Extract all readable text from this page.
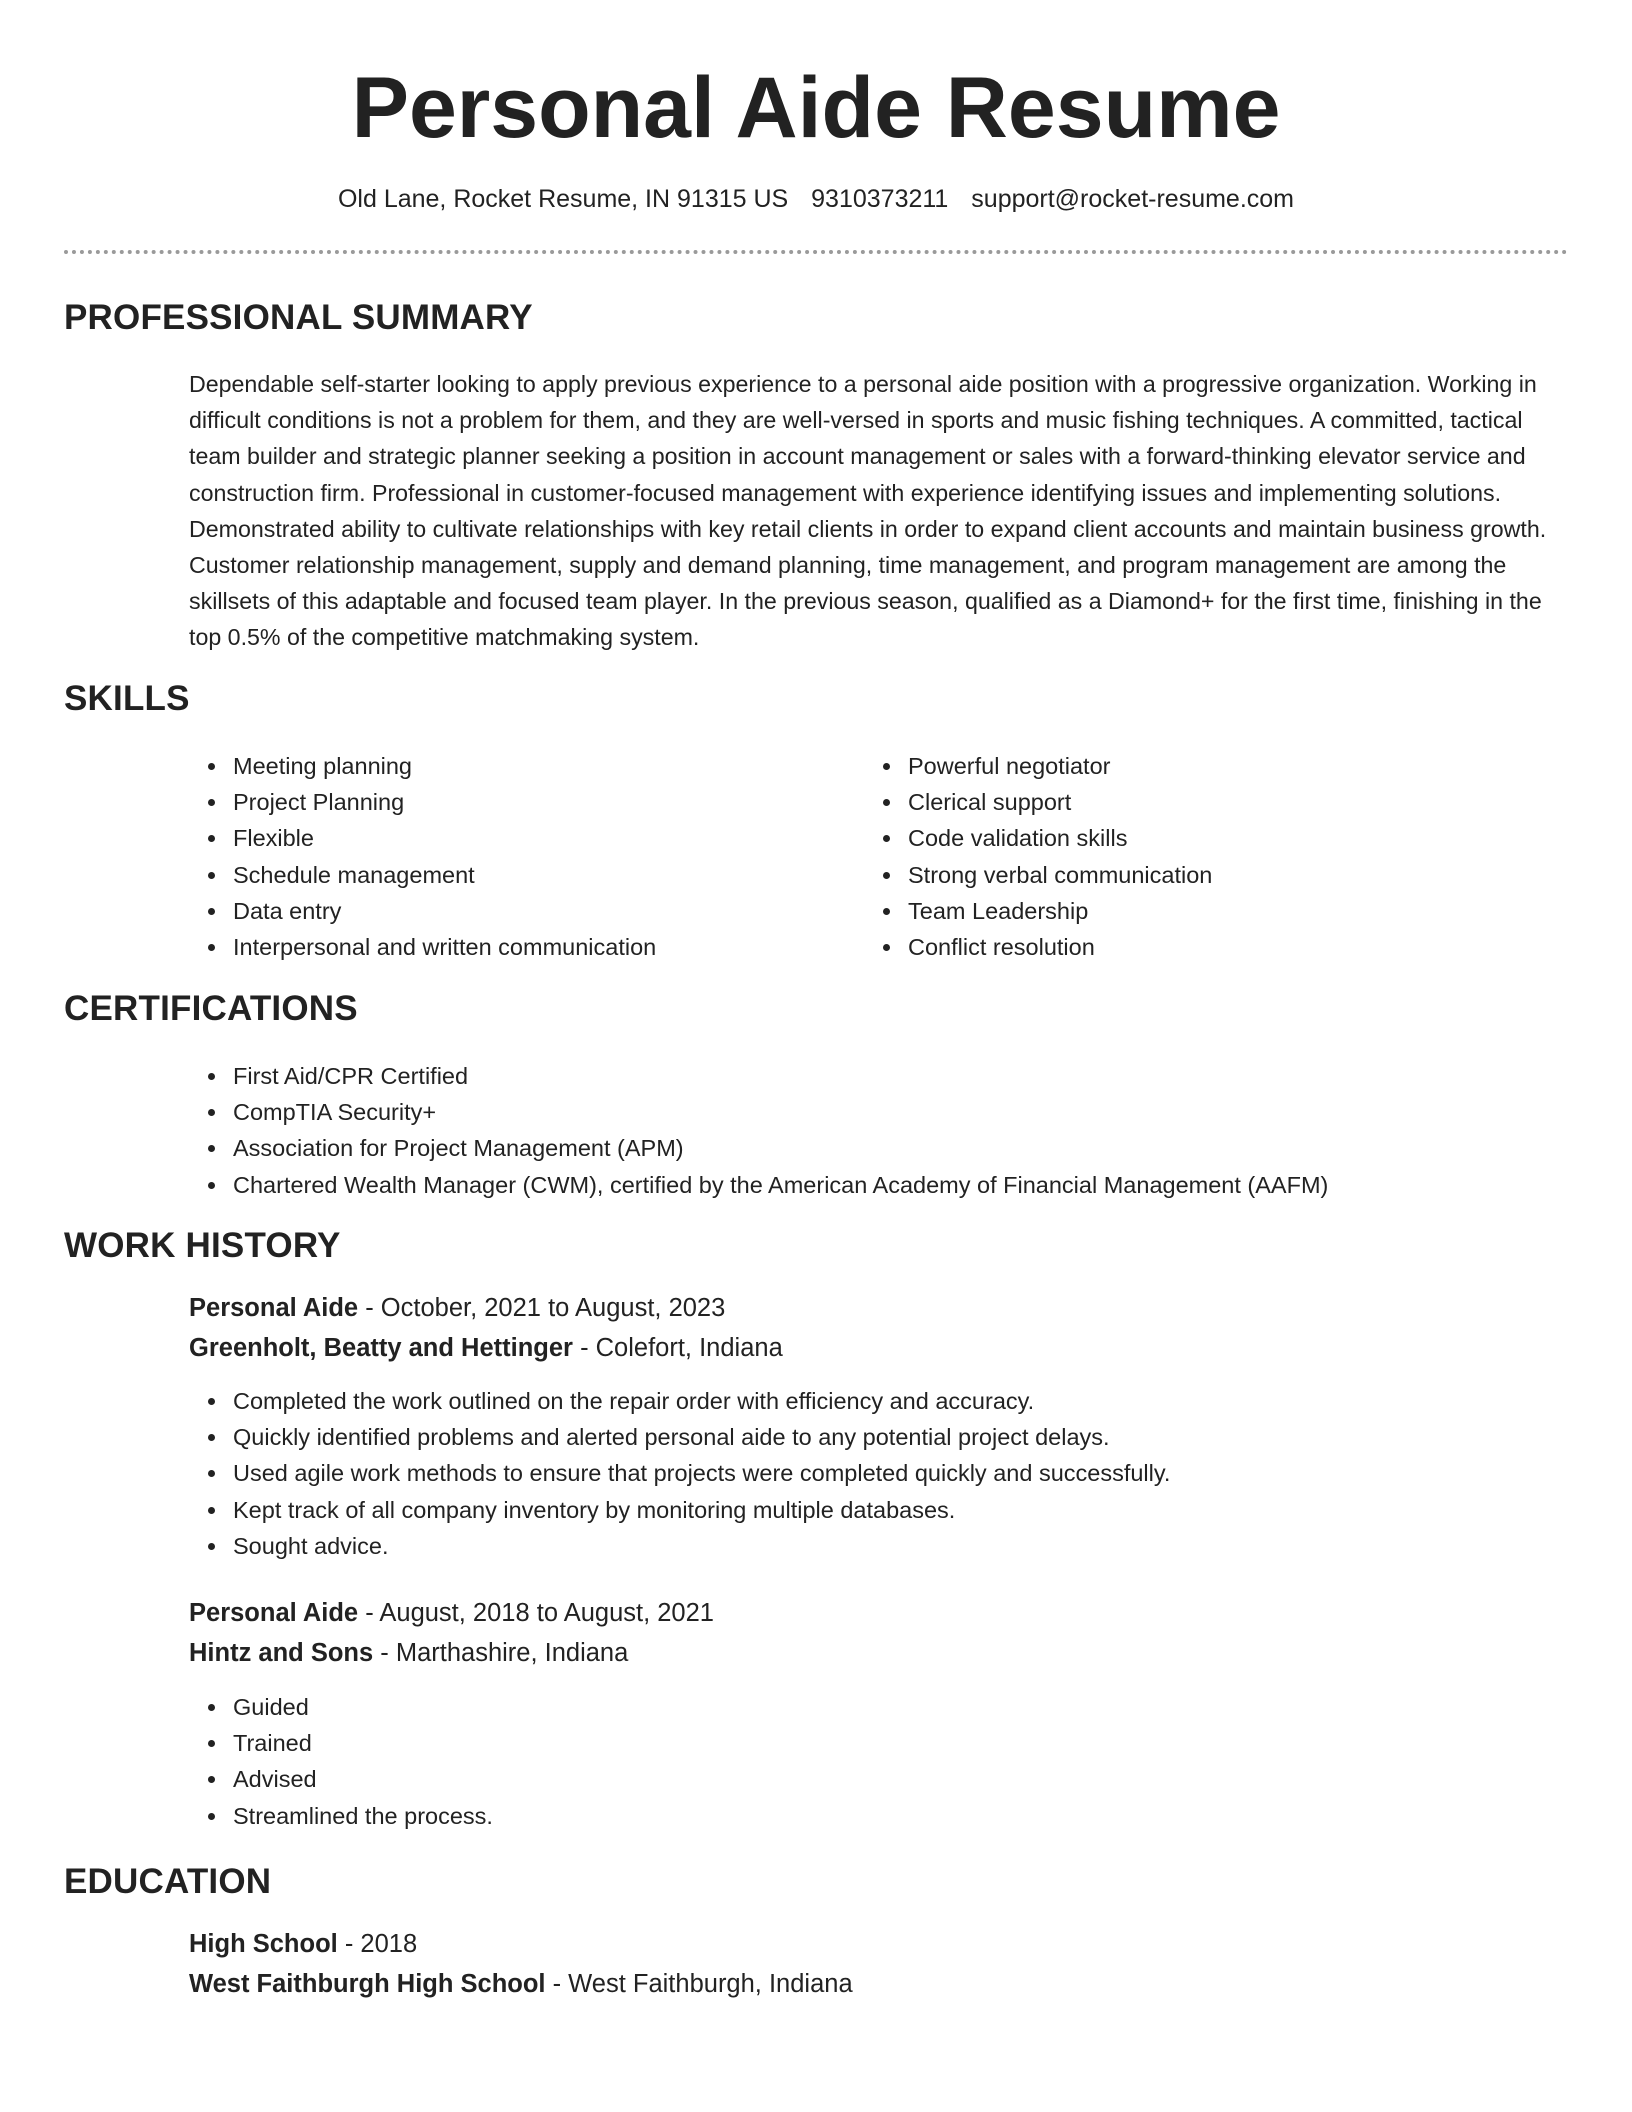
Personal Aide Resume
Old Lane, Rocket Resume, IN 91315 US 9310373211 support@rocket-resume.com
PROFESSIONAL SUMMARY

Dependable self-starter looking to apply previous experience to a personal aide position with a progressive organization. Working in difficult conditions is not a problem for them, and they are well-versed in sports and music fishing techniques. A committed, tactical team builder and strategic planner seeking a position in account management or sales with a forward-thinking elevator service and construction firm. Professional in customer-focused management with experience identifying issues and implementing solutions. Demonstrated ability to cultivate relationships with key retail clients in order to expand client accounts and maintain business growth. Customer relationship management, supply and demand planning, time management, and program management are among the skillsets of this adaptable and focused team player. In the previous season, qualified as a Diamond+ for the first time, finishing in the top 0.5% of the competitive matchmaking system.

SKILLS
Meeting planning
Project Planning
Flexible
Schedule management
Data entry
Interpersonal and written communication
Powerful negotiator
Clerical support
Code validation skills
Strong verbal communication
Team Leadership
Conflict resolution
CERTIFICATIONS
First Aid/CPR Certified
CompTIA Security+
Association for Project Management (APM)
Chartered Wealth Manager (CWM), certified by the American Academy of Financial Management (AAFM)
WORK HISTORY
Personal Aide - October, 2021 to August, 2023
Greenholt, Beatty and Hettinger - Colefort, Indiana
Completed the work outlined on the repair order with efficiency and accuracy.
Quickly identified problems and alerted personal aide to any potential project delays.
Used agile work methods to ensure that projects were completed quickly and successfully.
Kept track of all company inventory by monitoring multiple databases.
Sought advice.
Personal Aide - August, 2018 to August, 2021
Hintz and Sons - Marthashire, Indiana
Guided
Trained
Advised
Streamlined the process.
EDUCATION
High School - 2018
West Faithburgh High School - West Faithburgh, Indiana
